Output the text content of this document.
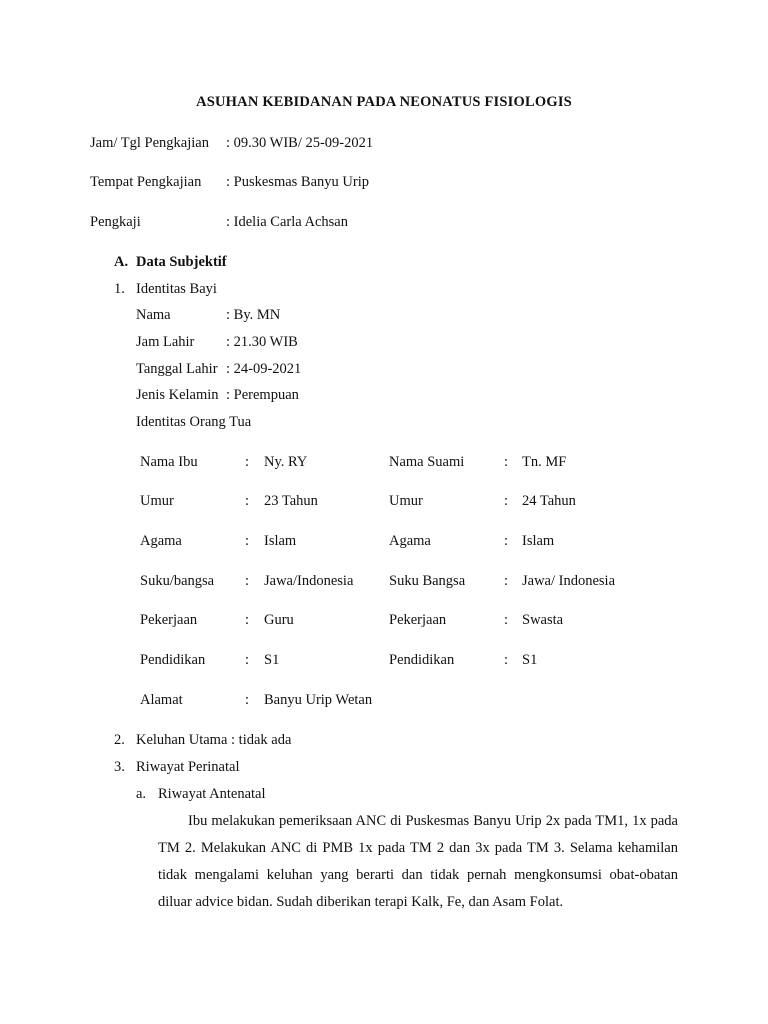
ASUHAN KEBIDANAN PADA NEONATUS FISIOLOGIS
Jam/ Tgl Pengkajian : 09.30 WIB/ 25-09-2021
Tempat Pengkajian : Puskesmas Banyu Urip
Pengkaji	: Idelia Carla Achsan
A. Data Subjektif
1. Identitas Bayi
Nama	: By. MN
Jam Lahir : 21.30 WIB
Tanggal Lahir : 24-09-2021
Jenis Kelamin : Perempuan
Identitas Orang Tua
Nama Ibu	: Ny. RY	Nama Suami	: Tn. MF
Umur	: 23 Tahun	Umur	: 24 Tahun
Agama	: Islam	Agama	: Islam
Suku/bangsa : Jawa/Indonesia Suku Bangsa	: Jawa/ Indonesia
Pekerjaan	: Guru	Pekerjaan	: Swasta
Pendidikan	: S1	Pendidikan	: S1
Alamat	: Banyu Urip Wetan
2. Keluhan Utama : tidak ada
3. Riwayat Perinatal
a. Riwayat Antenatal
Ibu melakukan pemeriksaan ANC di Puskesmas Banyu Urip 2x pada TM1, 1x pada TM 2. Melakukan ANC di PMB 1x pada TM 2 dan 3x pada TM 3. Selama kehamilan tidak mengalami keluhan yang berarti dan tidak pernah mengkonsumsi obat-obatan diluar advice bidan. Sudah diberikan terapi Kalk, Fe, dan Asam Folat.
